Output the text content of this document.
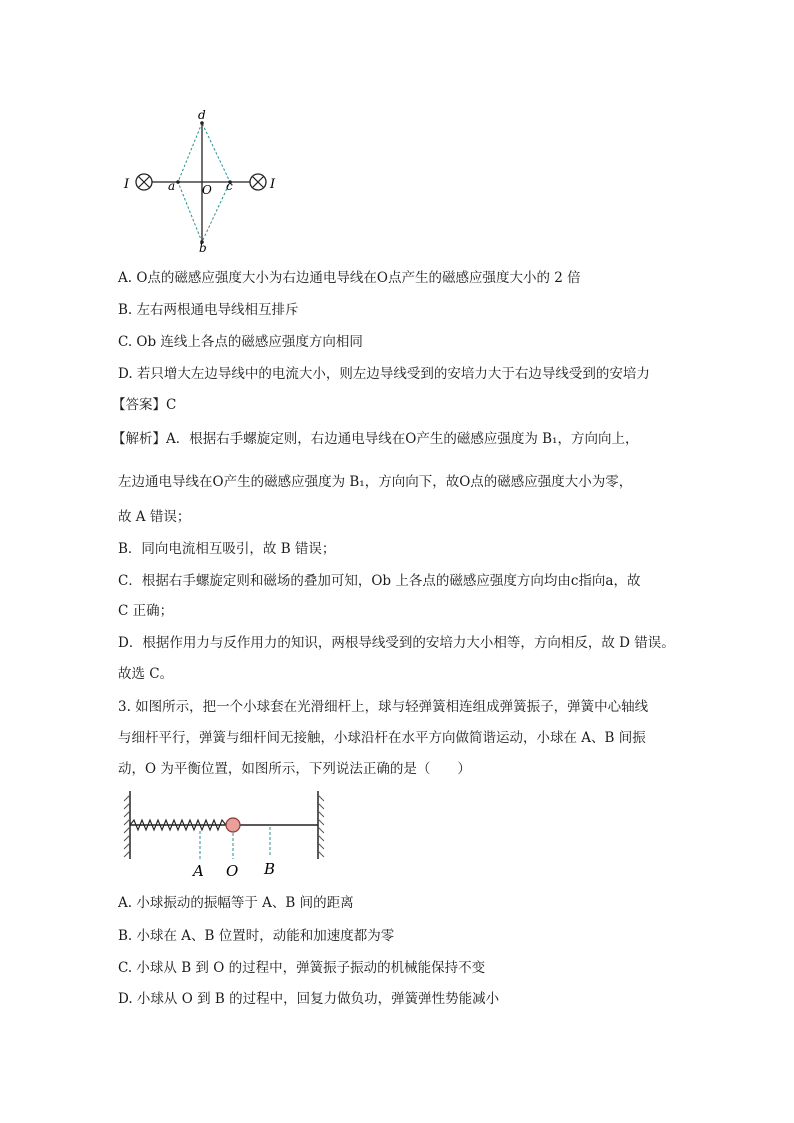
I	I
a O c
d
b
A. O点的磁感应强度大小为右边通电导线在O点产生的磁感应强度大小的 2 倍
B. 左右两根通电导线相互排斥
C. Ob 连线上各点的磁感应强度方向相同
D. 若只增大左边导线中的电流大小，则左边导线受到的安培力大于右边导线受到的安培力
【答案】C
【解析】A．根据右手螺旋定则，右边通电导线在O产生的磁感应强度为 B₁，方向向上，
左边通电导线在O产生的磁感应强度为 B₁，方向向下，故O点的磁感应强度大小为零，
故 A 错误；
B．同向电流相互吸引，故 B 错误；
C．根据右手螺旋定则和磁场的叠加可知，Ob 上各点的磁感应强度方向均由c指向a，故
C 正确；
D．根据作用力与反作用力的知识，两根导线受到的安培力大小相等，方向相反，故 D 错误。
故选 C。
3. 如图所示，把一个小球套在光滑细杆上，球与轻弹簧相连组成弹簧振子，弹簧中心轴线
与细杆平行，弹簧与细杆间无接触，小球沿杆在水平方向做简谐运动，小球在 A、B 间振
动，O 为平衡位置，如图所示，下列说法正确的是（　　）
A O B
A. 小球振动的振幅等于 A、B 间的距离
B. 小球在 A、B 位置时，动能和加速度都为零
C. 小球从 B 到 O 的过程中，弹簧振子振动的机械能保持不变
D. 小球从 O 到 B 的过程中，回复力做负功，弹簧弹性势能减小
